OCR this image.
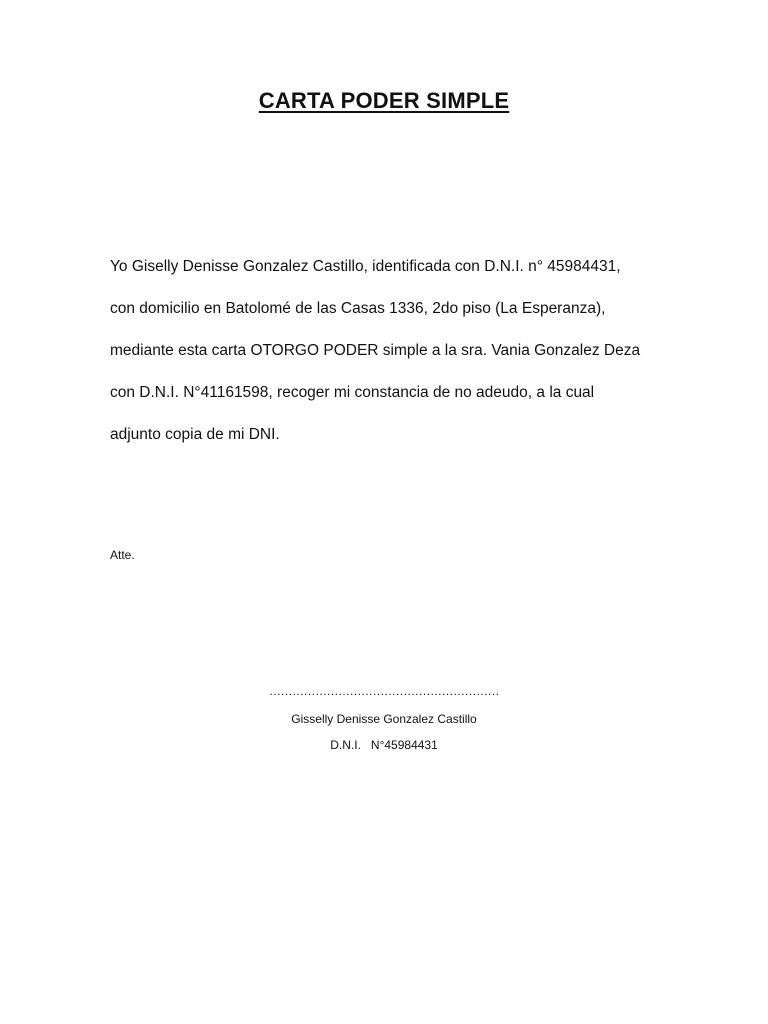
CARTA PODER SIMPLE
Yo Giselly Denisse Gonzalez Castillo, identificada con D.N.I. n° 45984431,
con domicilio en Batolomé de las Casas 1336, 2do piso (La Esperanza),
mediante esta carta OTORGO PODER simple a la sra. Vania Gonzalez Deza
con D.N.I. N°41161598, recoger mi constancia de no adeudo, a la cual
adjunto copia de mi DNI.
Atte.
……………………………………………………
Gisselly Denisse Gonzalez Castillo
D.N.I.   N°45984431
